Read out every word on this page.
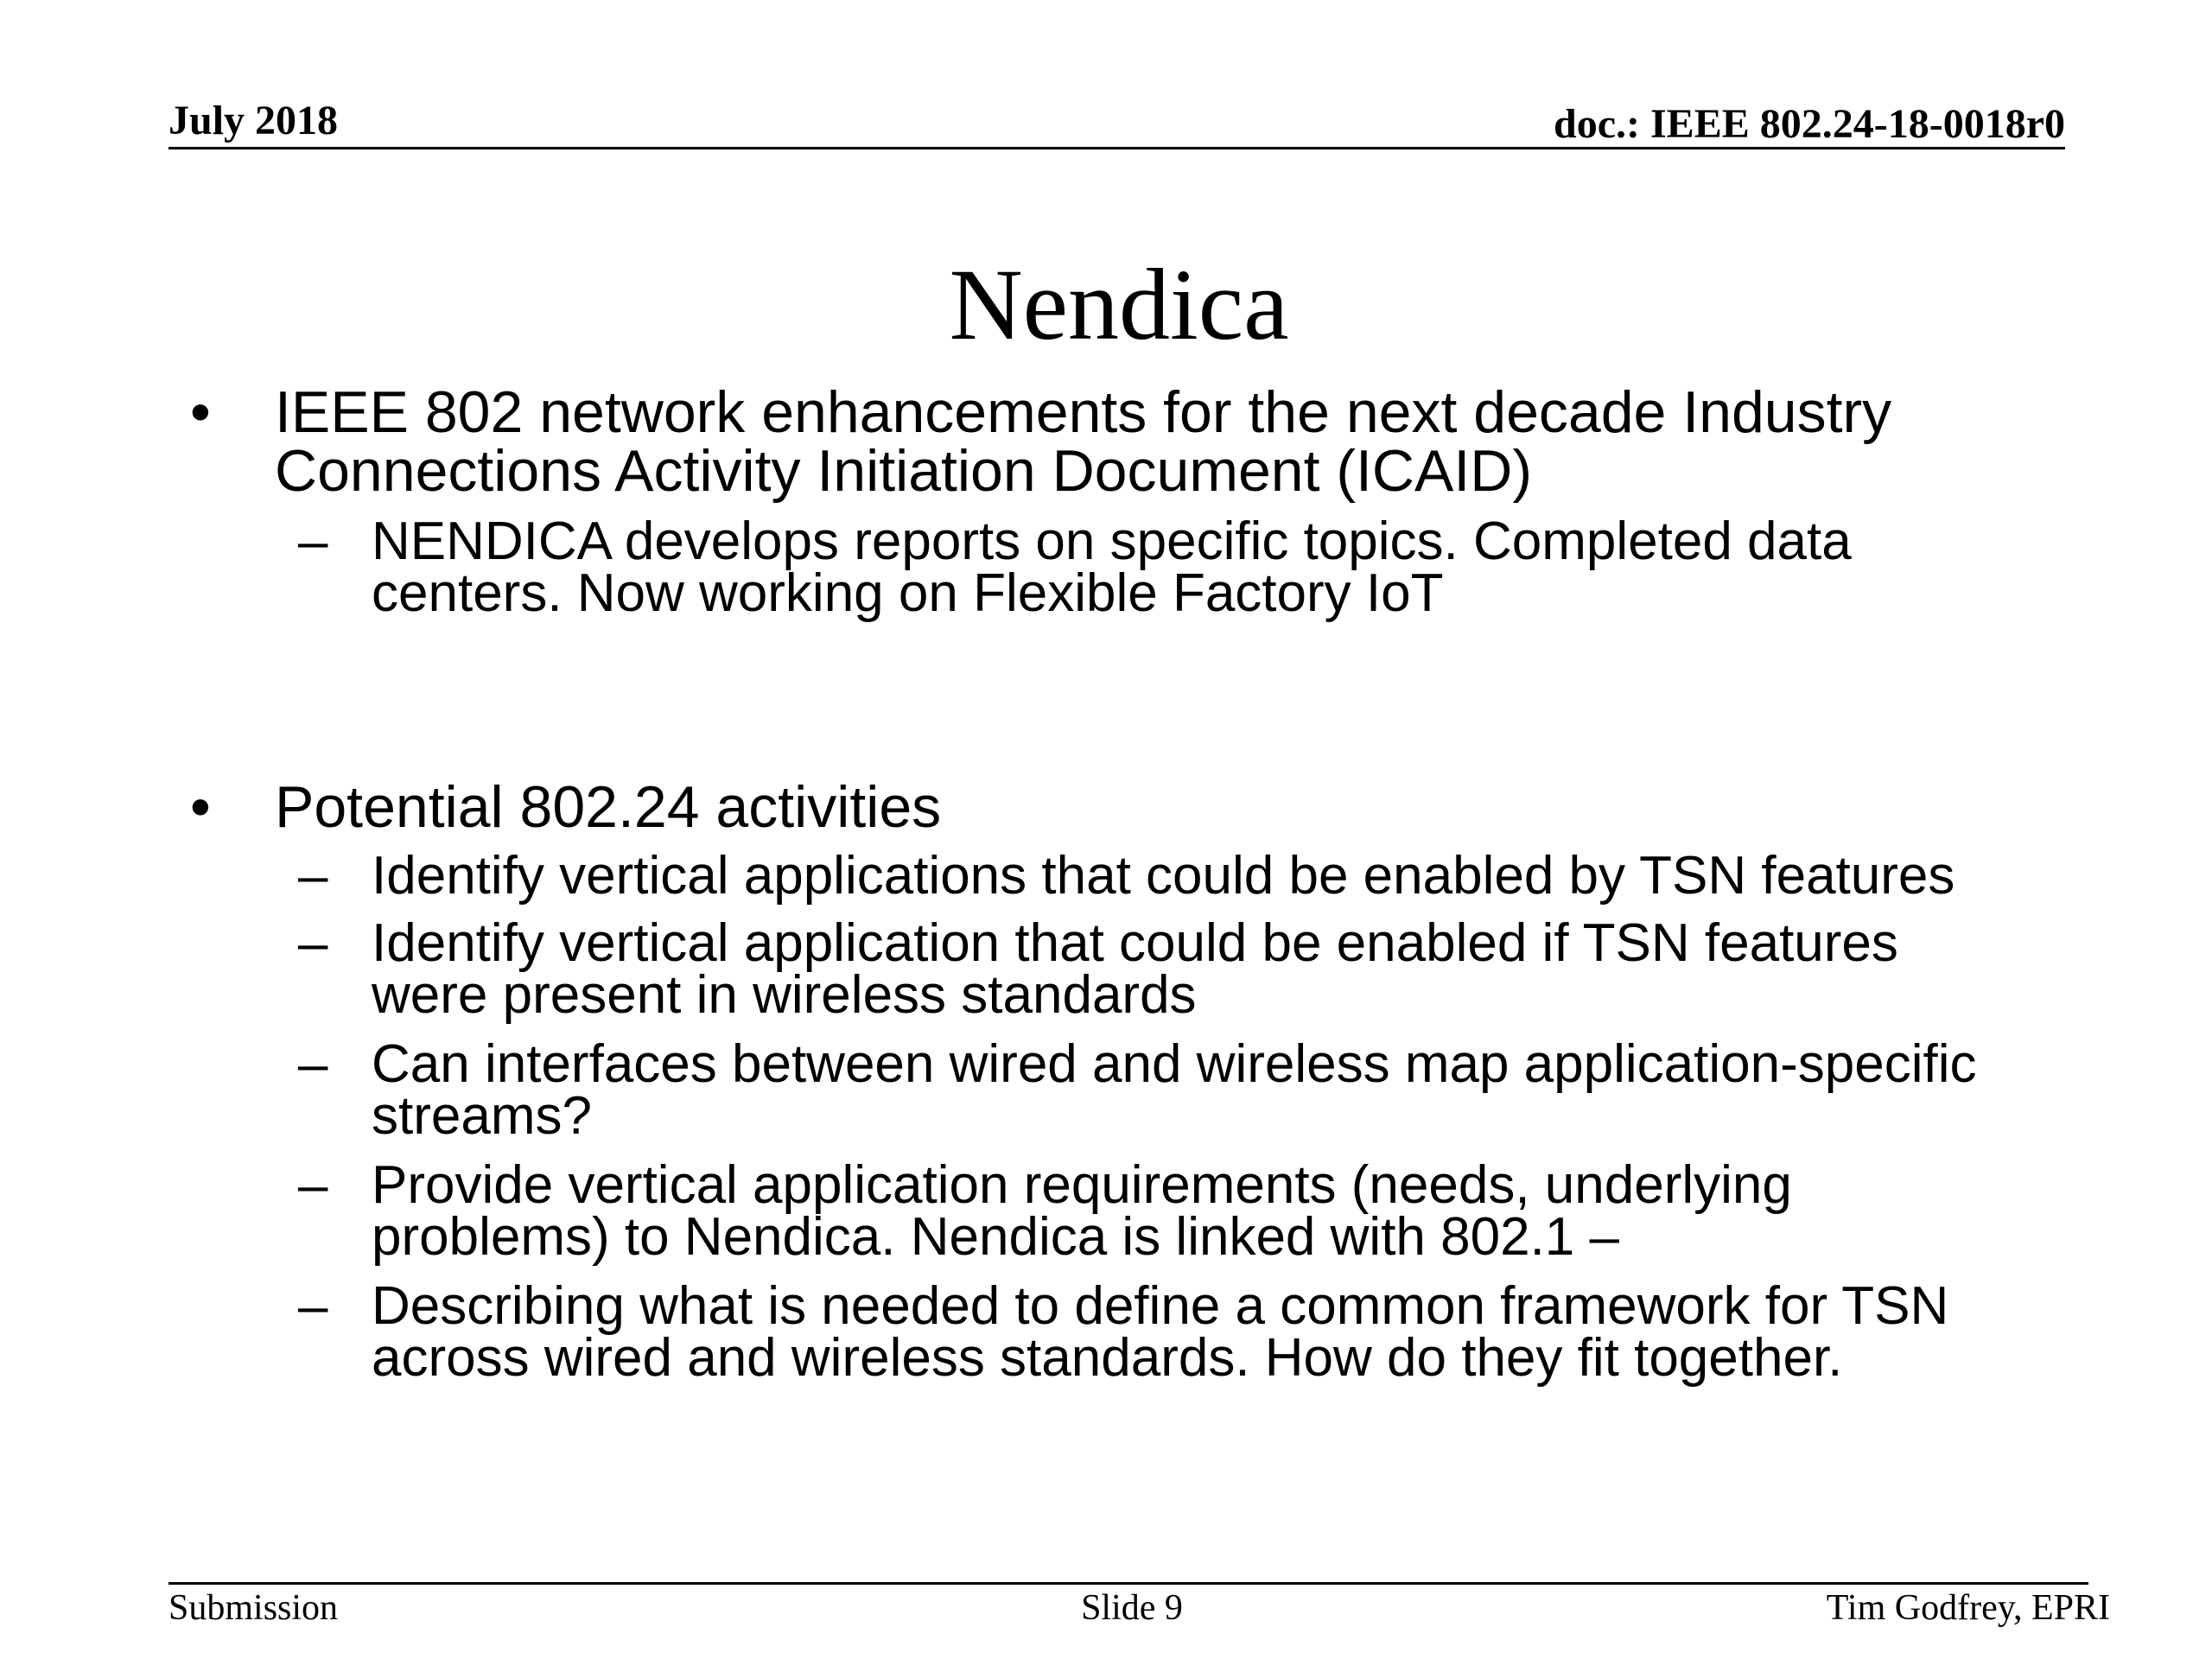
July 2018	doc.: IEEE 802.24-18-0018r0
Nendica
• IEEE 802 network enhancements for the next decade Industry
Connections Activity Initiation Document (ICAID)
– NENDICA develops reports on specific topics. Completed data
centers. Now working on Flexible Factory IoT
• Potential 802.24 activities
– Identify vertical applications that could be enabled by TSN features
– Identify vertical application that could be enabled if TSN features
were present in wireless standards
– Can interfaces between wired and wireless map application-specific
streams?
– Provide vertical application requirements (needs, underlying
problems) to Nendica. Nendica is linked with 802.1 –
– Describing what is needed to define a common framework for TSN
across wired and wireless standards. How do they fit together.
Submission	Slide 9	Tim Godfrey, EPRI
